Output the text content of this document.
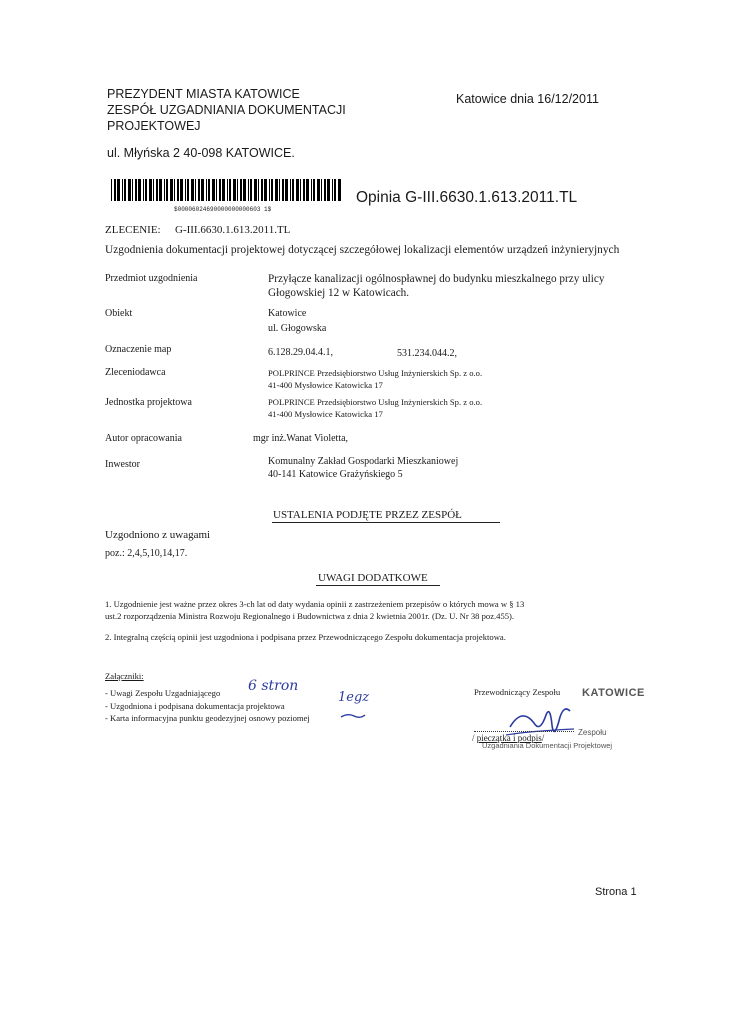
PREZYDENT MIASTA KATOWICE
ZESPÓŁ UZGADNIANIA DOKUMENTACJI
PROJEKTOWEJ
Katowice dnia 16/12/2011
ul. Młyńska 2 40-098 KATOWICE.
$00006024690000000000603 1$
Opinia G-III.6630.1.613.2011.TL
ZLECENIE: G-III.6630.1.613.2011.TL
Uzgodnienia dokumentacji projektowej dotyczącej szczegółowej lokalizacji elementów urządzeń inżynieryjnych
Przedmiot uzgodnienia	Przyłącze kanalizacji ogólnospławnej do budynku mieszkalnego przy ulicy
Głogowskiej 12 w Katowicach.
Obiekt	Katowice
ul. Głogowska
Oznaczenie map	6.128.29.04.4.1,	531.234.044.2,
Zleceniodawca	POLPRINCE Przedsiębiorstwo Usług Inżynierskich Sp. z o.o.
41-400 Mysłowice Katowicka 17
Jednostka projektowa	POLPRINCE Przedsiębiorstwo Usług Inżynierskich Sp. z o.o.
41-400 Mysłowice Katowicka 17
Autor opracowania	mgr inż.Wanat Violetta,
Inwestor	Komunalny Zakład Gospodarki Mieszkaniowej
40-141 Katowice Grażyńskiego 5
USTALENIA PODJĘTE PRZEZ ZESPÓŁ
Uzgodniono z uwagami
poz.: 2,4,5,10,14,17.
UWAGI DODATKOWE
1. Uzgodnienie jest ważne przez okres 3-ch lat od daty wydania opinii z zastrzeżeniem przepisów o których mowa w § 13
ust.2 rozporządzenia Ministra Rozwoju Regionalnego i Budownictwa z dnia 2 kwietnia 2001r. (Dz. U. Nr 38 poz.455).
2. Integralną częścią opinii jest uzgodniona i podpisana przez Przewodniczącego Zespołu dokumentacja projektowa.
Załączniki:
- Uwagi Zespołu Uzgadniającego
- Uzgodniona i podpisana dokumentacja projektowa
- Karta informacyjna punktu geodezyjnej osnowy poziomej
6 stron
1egz	Przewodniczący Zespołu KATOWICE
/ pieczątka i podpis/
Zespołu
Uzgadniania Dokumentacji Projektowej
Strona 1
